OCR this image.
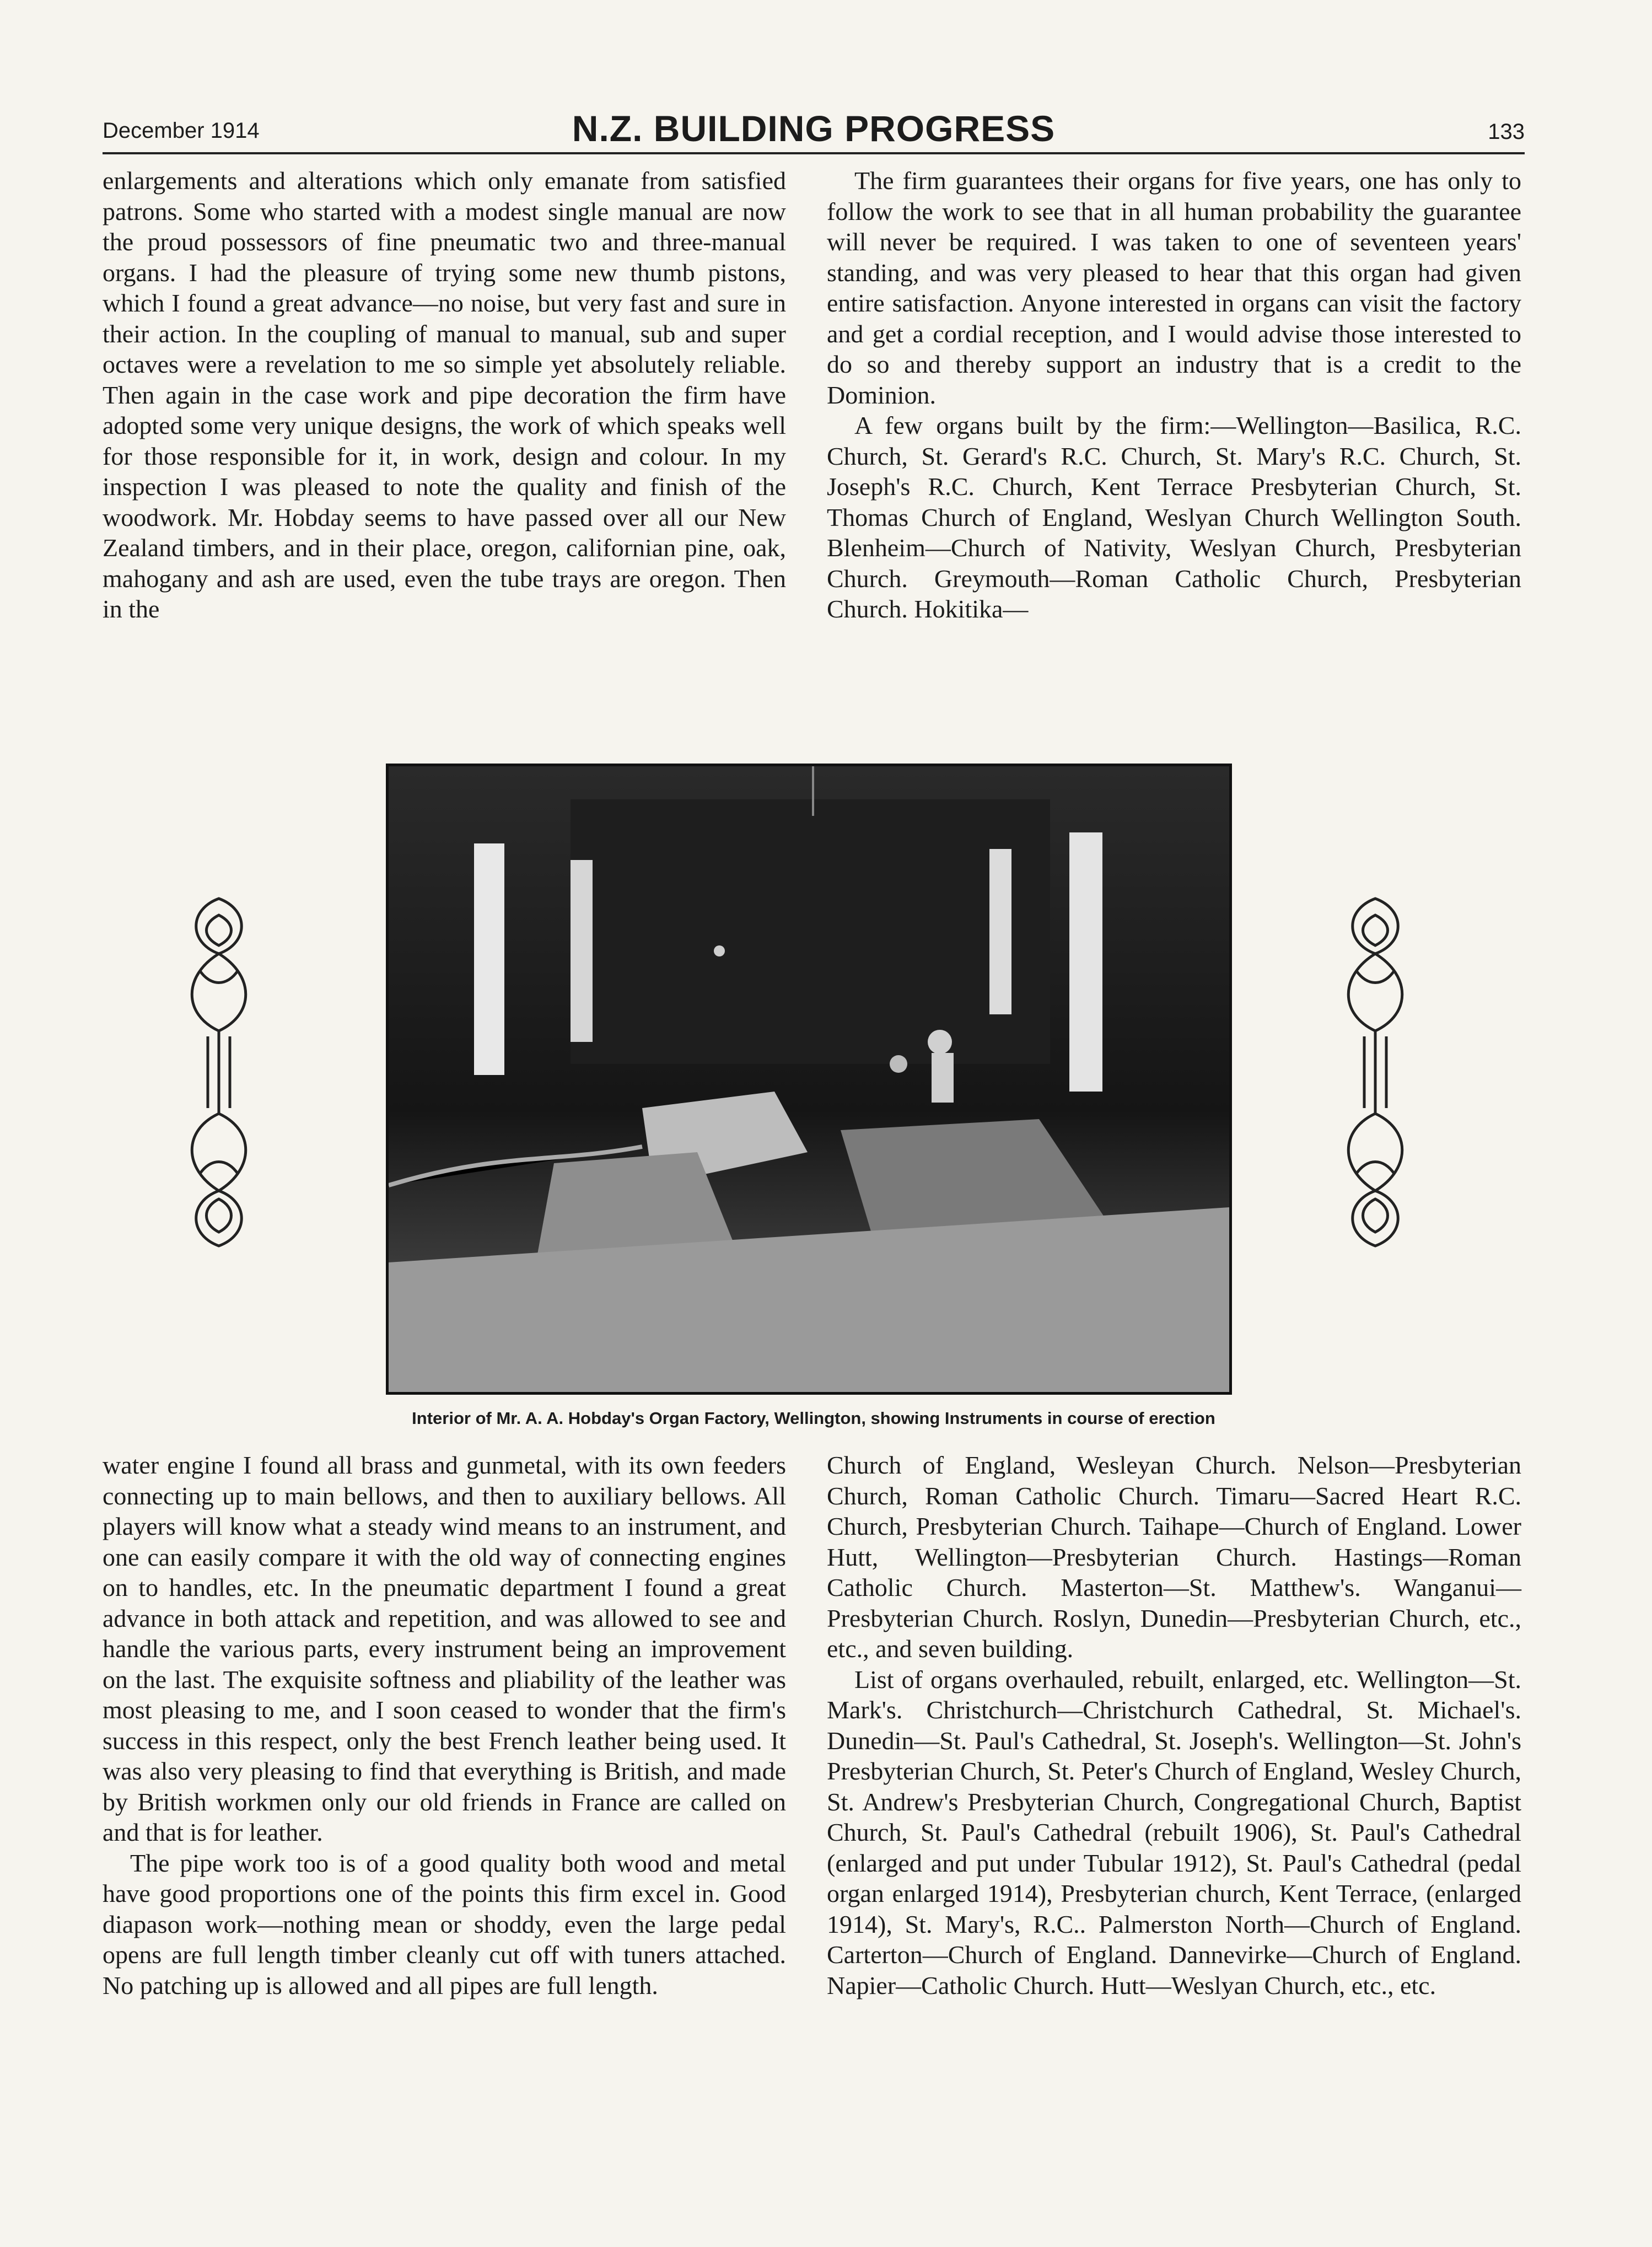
December 1914	N.Z. BUILDING PROGRESS	133

enlargements and alterations which only emanate from satisfied patrons. Some who started with a modest single manual are now the proud possessors of fine pneumatic two and three-manual organs. I had the pleasure of trying some new thumb pistons, which I found a great advance—no noise, but very fast and sure in their action. In the coupling of manual to manual, sub and super octaves were a revelation to me so simple yet absolutely reliable. Then again in the case work and pipe decoration the firm have adopted some very unique designs, the work of which speaks well for those responsible for it, in work, design and colour. In my inspection I was pleased to note the quality and finish of the woodwork. Mr. Hobday seems to have passed over all our New Zealand timbers, and in their place, oregon, californian pine, oak, mahogany and ash are used, even the tube trays are oregon. Then in the

The firm guarantees their organs for five years, one has only to follow the work to see that in all human probability the guarantee will never be required. I was taken to one of seventeen years' standing, and was very pleased to hear that this organ had given entire satisfaction. Anyone interested in organs can visit the factory and get a cordial reception, and I would advise those interested to do so and thereby support an industry that is a credit to the Dominion.

A few organs built by the firm:—Wellington—Basilica, R.C. Church, St. Gerard's R.C. Church, St. Mary's R.C. Church, St. Joseph's R.C. Church, Kent Terrace Presbyterian Church, St. Thomas Church of England, Weslyan Church Wellington South. Blenheim—Church of Nativity, Weslyan Church, Presbyterian Church. Greymouth—Roman Catholic Church, Presbyterian Church. Hokitika—

Interior of Mr. A. A. Hobday's Organ Factory, Wellington, showing Instruments in course of erection

water engine I found all brass and gunmetal, with its own feeders connecting up to main bellows, and then to auxiliary bellows. All players will know what a steady wind means to an instrument, and one can easily compare it with the old way of connecting engines on to handles, etc. In the pneumatic department I found a great advance in both attack and repetition, and was allowed to see and handle the various parts, every instrument being an improvement on the last. The exquisite softness and pliability of the leather was most pleasing to me, and I soon ceased to wonder that the firm's success in this respect, only the best French leather being used. It was also very pleasing to find that everything is British, and made by British workmen only our old friends in France are called on and that is for leather.

The pipe work too is of a good quality both wood and metal have good proportions one of the points this firm excel in. Good diapason work—nothing mean or shoddy, even the large pedal opens are full length timber cleanly cut off with tuners attached. No patching up is allowed and all pipes are full length.

Church of England, Wesleyan Church. Nelson—Presbyterian Church, Roman Catholic Church. Timaru—Sacred Heart R.C. Church, Presbyterian Church. Taihape—Church of England. Lower Hutt, Wellington—Presbyterian Church. Hastings—Roman Catholic Church. Masterton—St. Matthew's. Wanganui—Presbyterian Church. Roslyn, Dunedin—Presbyterian Church, etc., etc., and seven building.

List of organs overhauled, rebuilt, enlarged, etc. Wellington—St. Mark's. Christchurch—Christchurch Cathedral, St. Michael's. Dunedin—St. Paul's Cathedral, St. Joseph's. Wellington—St. John's Presbyterian Church, St. Peter's Church of England, Wesley Church, St. Andrew's Presbyterian Church, Congregational Church, Baptist Church, St. Paul's Cathedral (rebuilt 1906), St. Paul's Cathedral (enlarged and put under Tubular 1912), St. Paul's Cathedral (pedal organ enlarged 1914), Presbyterian church, Kent Terrace, (enlarged 1914), St. Mary's, R.C.. Palmerston North—Church of England. Carterton—Church of England. Dannevirke—Church of England. Napier—Catholic Church. Hutt—Weslyan Church, etc., etc.
